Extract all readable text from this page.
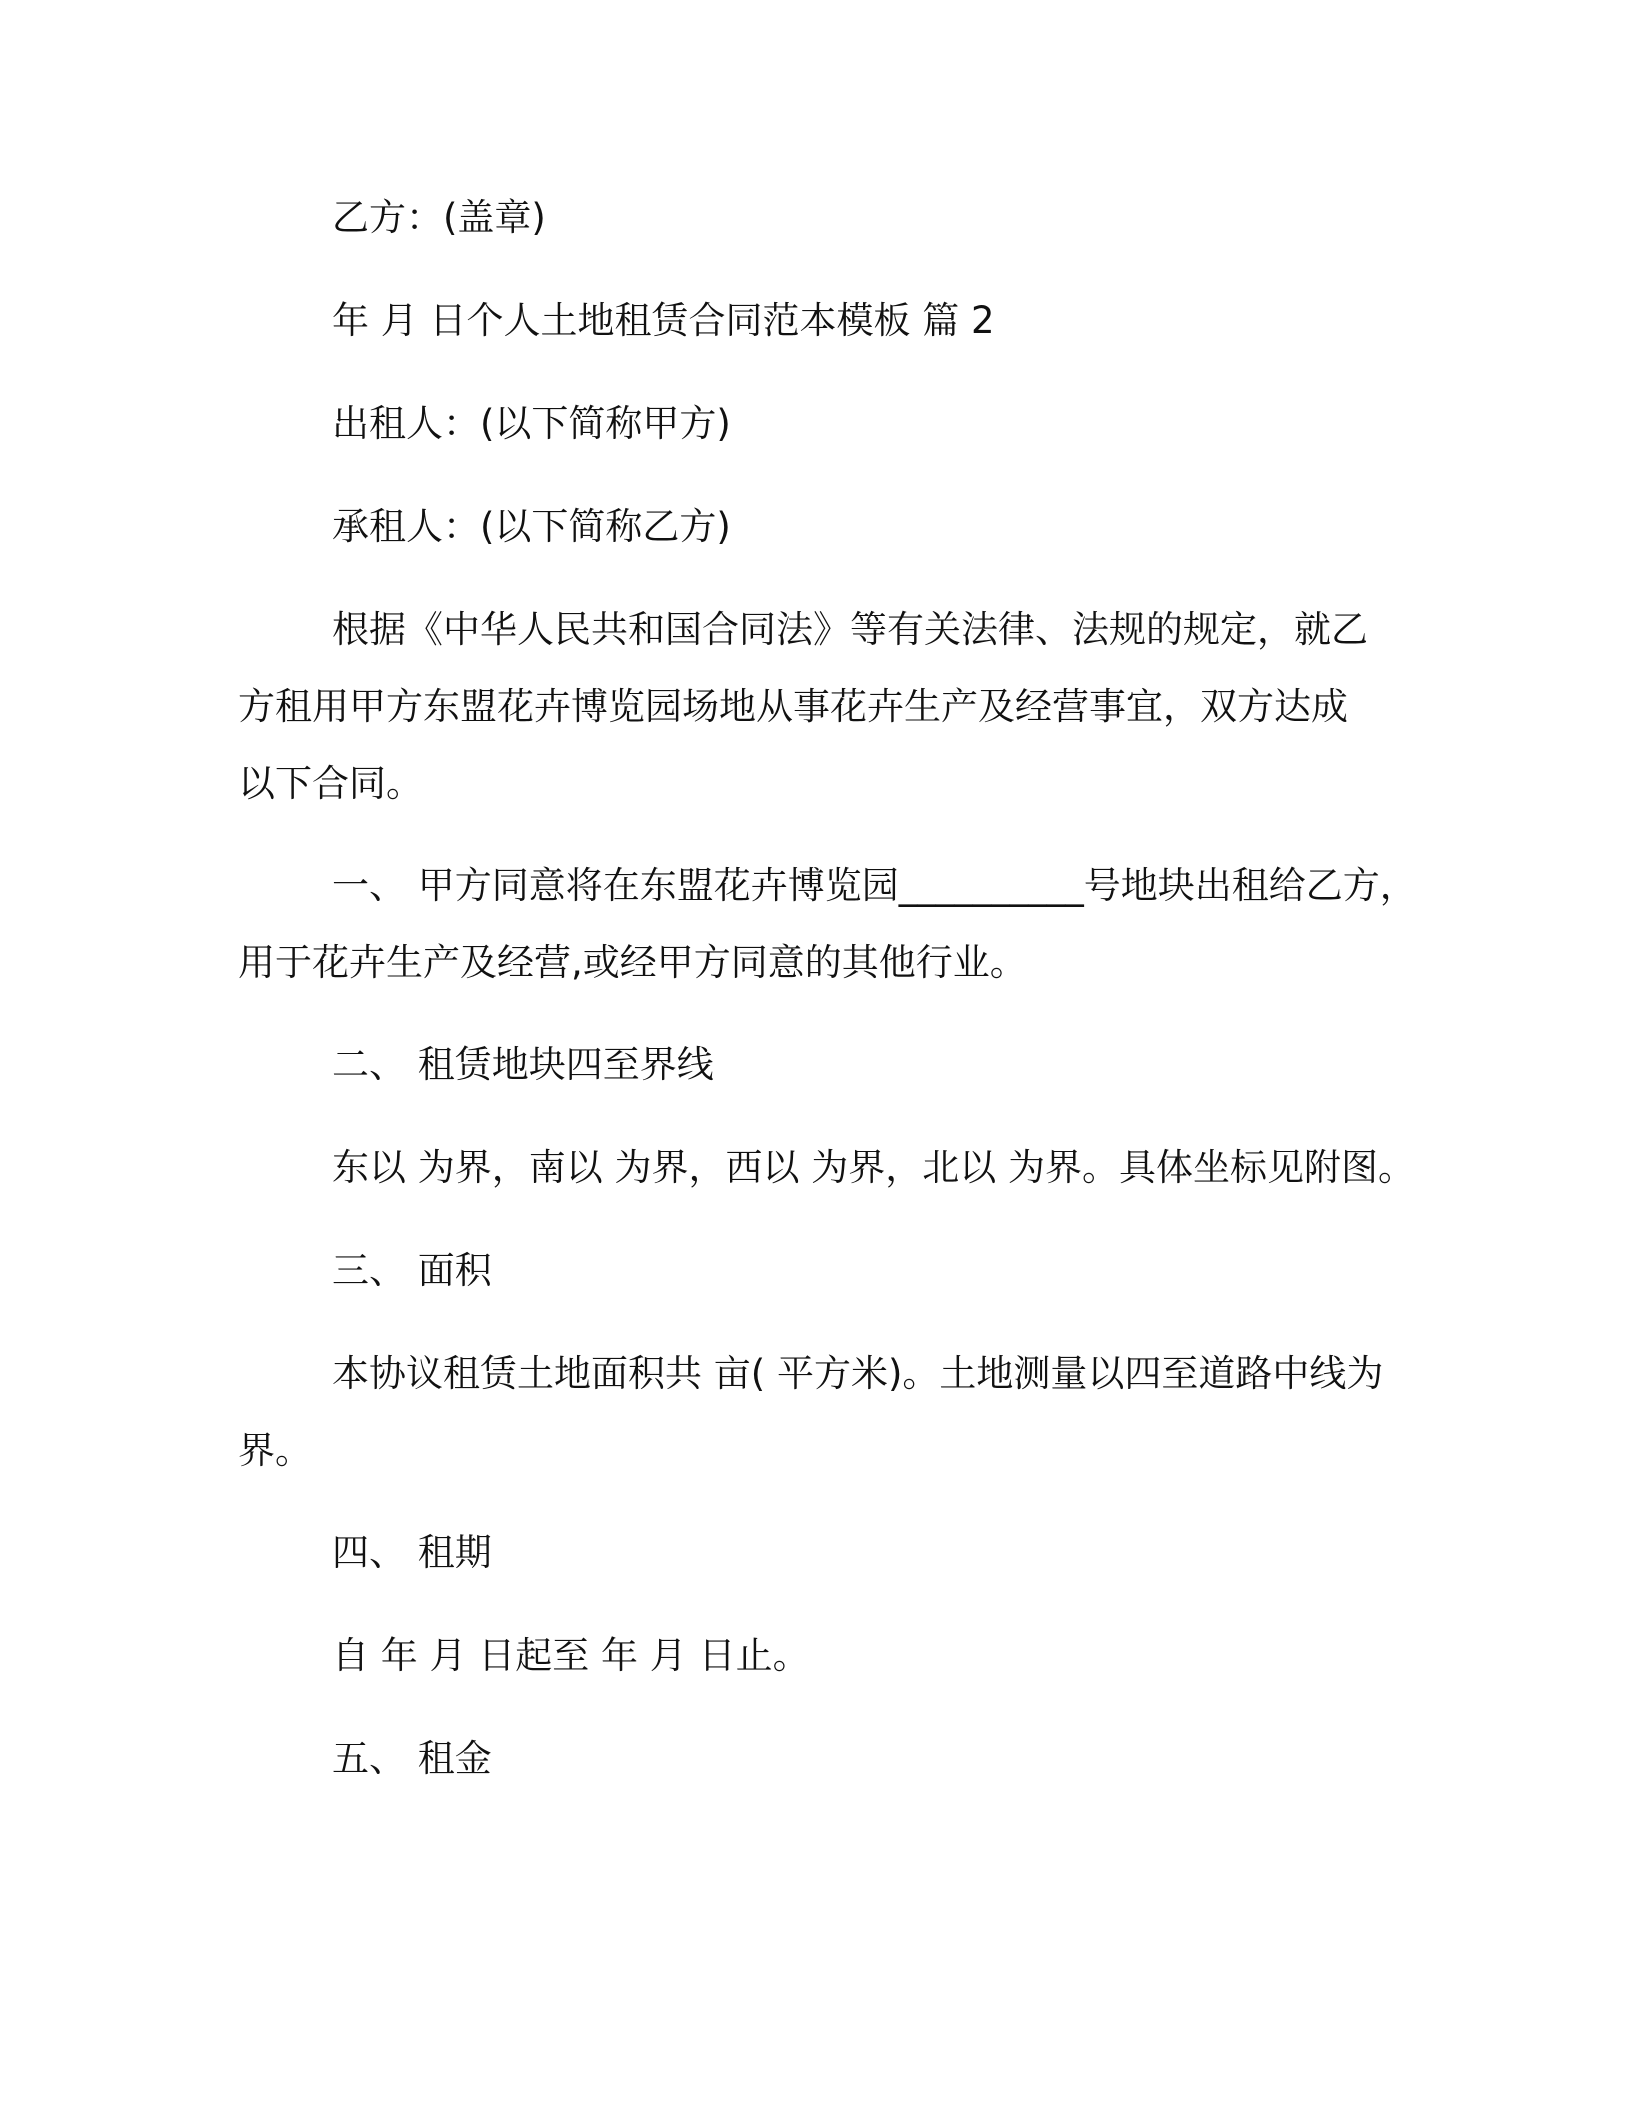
乙方：(盖章)
年 月 日个人土地租赁合同范本模板 篇 2
出租人：(以下简称甲方)
承租人：(以下简称乙方)
根据《中华人民共和国合同法》等有关法律、法规的规定，就乙
方租用甲方东盟花卉博览园场地从事花卉生产及经营事宜，双方达成
以下合同。
一、 甲方同意将在东盟花卉博览园__________号地块出租给乙方，
用于花卉生产及经营,或经甲方同意的其他行业。
二、 租赁地块四至界线
东以 为界，南以 为界，西以 为界，北以 为界。具体坐标见附图。
三、 面积
本协议租赁土地面积共 亩( 平方米)。土地测量以四至道路中线为
界。
四、 租期
自 年 月 日起至 年 月 日止。
五、 租金
